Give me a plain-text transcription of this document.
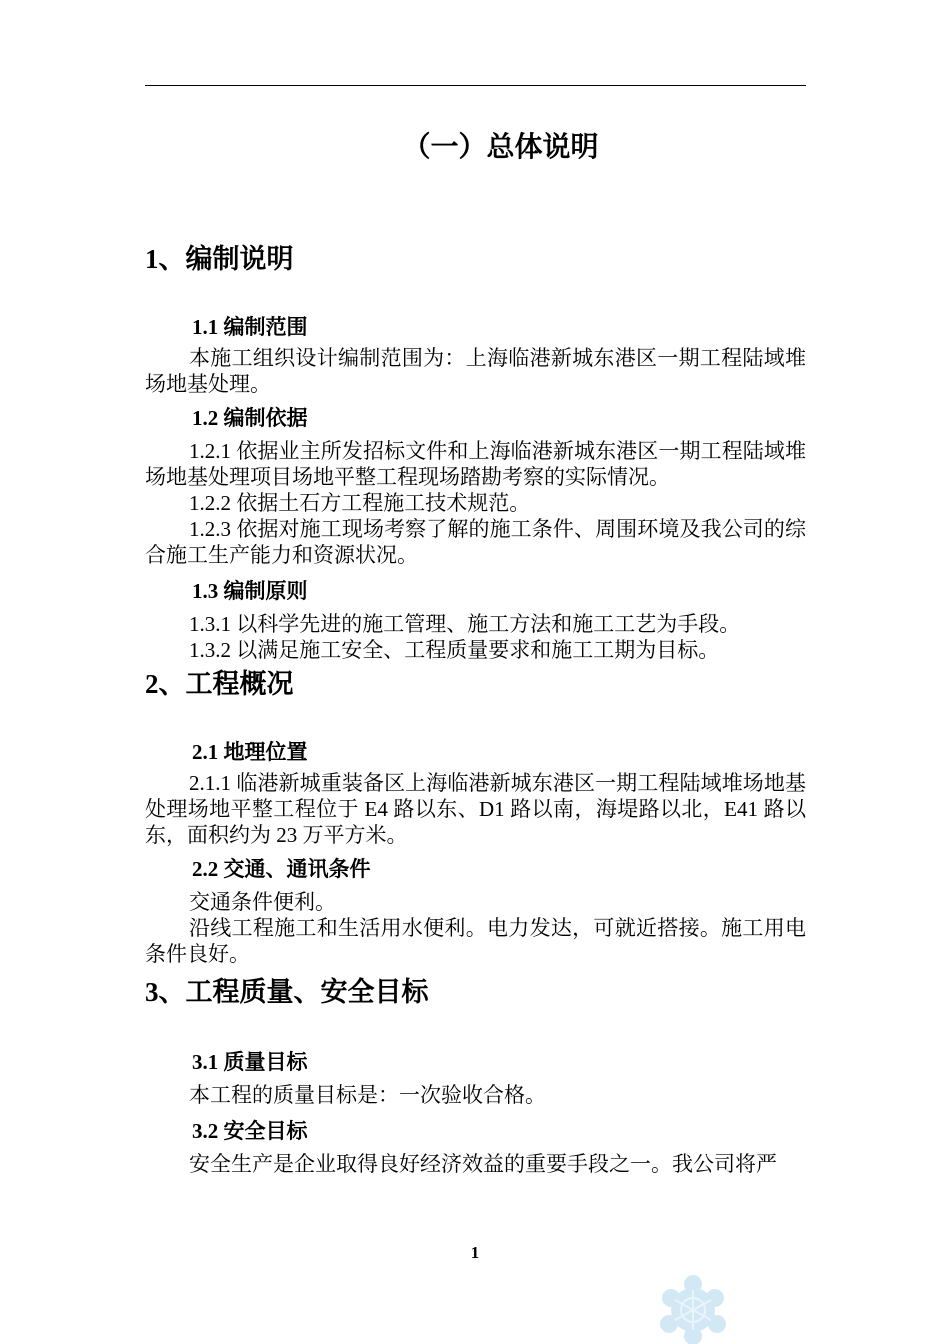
（一）总体说明
1、编制说明
1.1 编制范围

本施工组织设计编制范围为：上海临港新城东港区一期工程陆域堆场地基处理。

1.2 编制依据

1.2.1 依据业主所发招标文件和上海临港新城东港区一期工程陆域堆场地基处理项目场地平整工程现场踏勘考察的实际情况。

1.2.2 依据土石方工程施工技术规范。

1.2.3 依据对施工现场考察了解的施工条件、周围环境及我公司的综合施工生产能力和资源状况。

1.3 编制原则

1.3.1 以科学先进的施工管理、施工方法和施工工艺为手段。

1.3.2 以满足施工安全、工程质量要求和施工工期为目标。

2、工程概况
2.1 地理位置

2.1.1 临港新城重装备区上海临港新城东港区一期工程陆域堆场地基处理场地平整工程位于 E4 路以东、D1 路以南，海堤路以北，E41 路以东，面积约为 23 万平方米。

2.2 交通、通讯条件

交通条件便利。

沿线工程施工和生活用水便利。电力发达，可就近搭接。施工用电条件良好。

3、工程质量、安全目标
3.1 质量目标

本工程的质量目标是：一次验收合格。

3.2 安全目标

安全生产是企业取得良好经济效益的重要手段之一。我公司将严

1
